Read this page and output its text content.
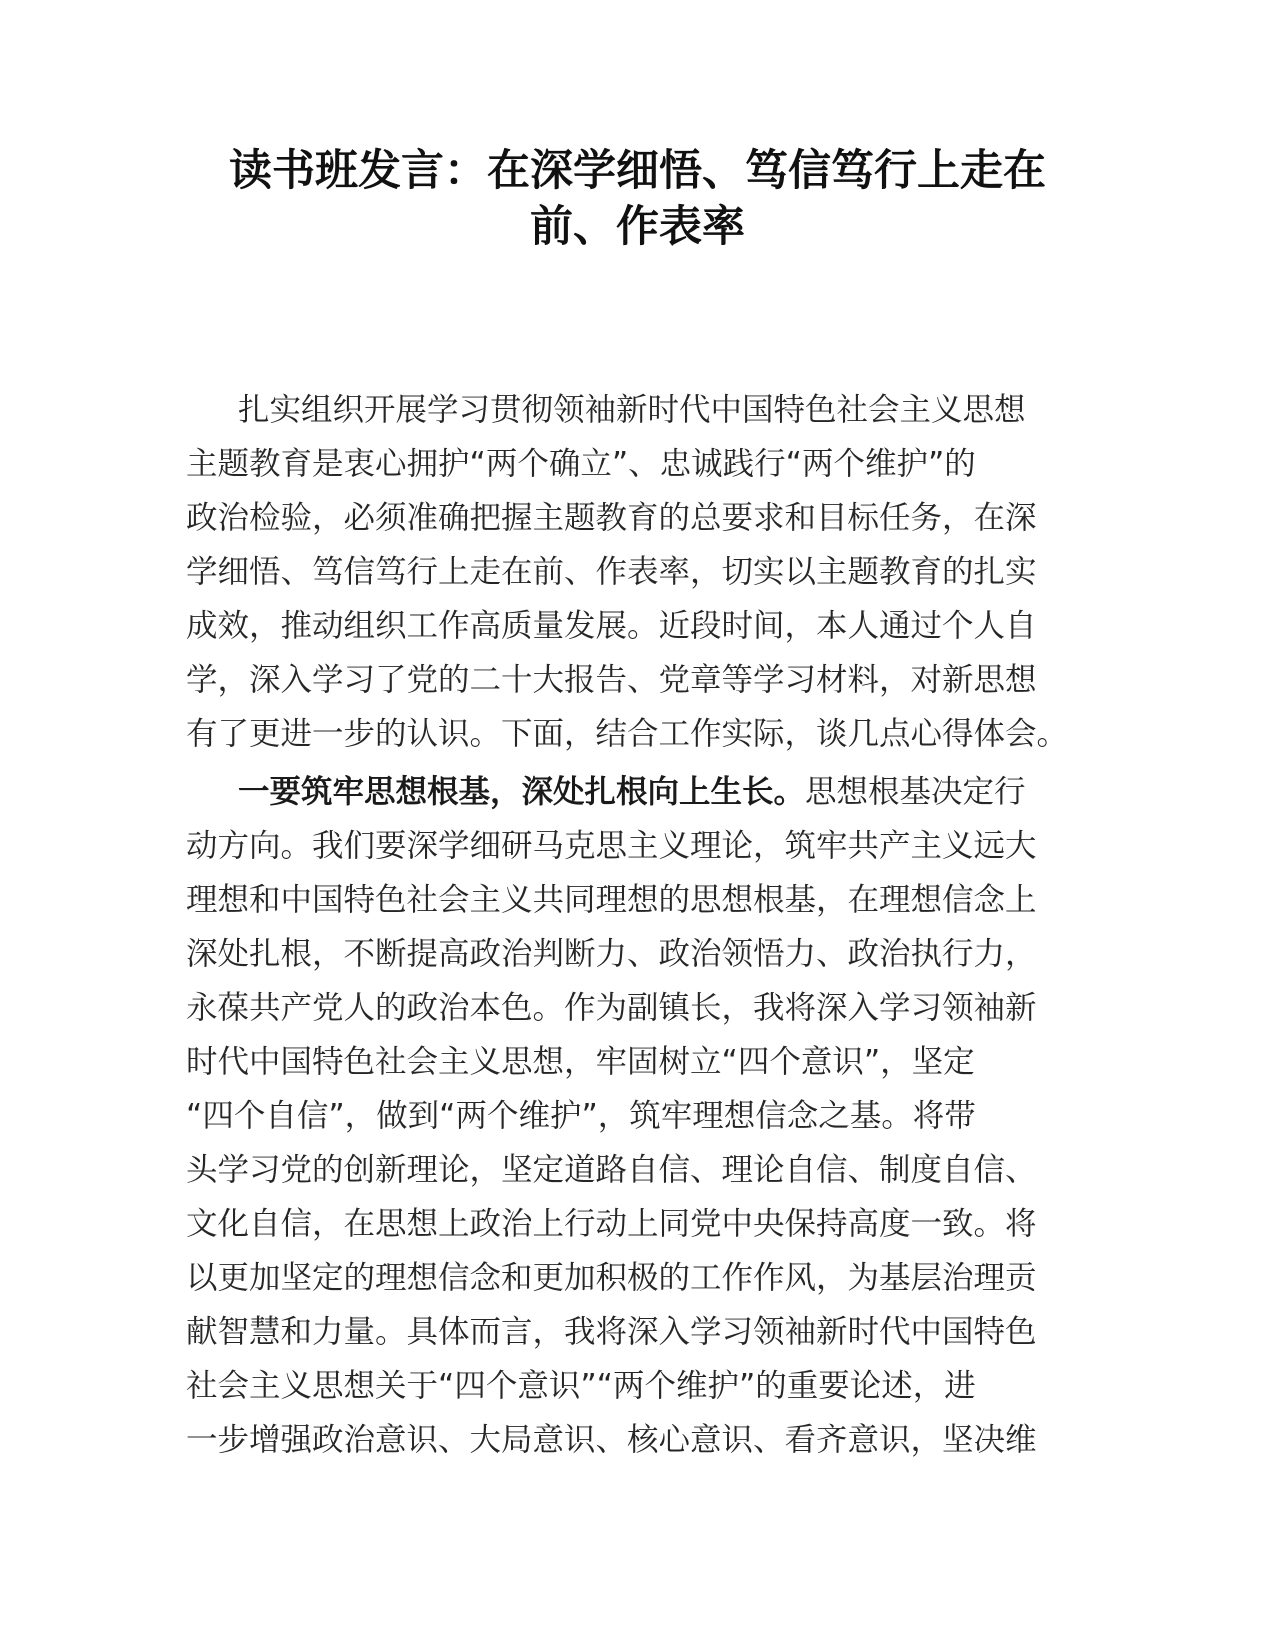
读书班发言：在深学细悟、笃信笃行上走在
前、作表率
扎实组织开展学习贯彻领袖新时代中国特色社会主义思想
主题教育是衷心拥护“两个确立”、忠诚践行“两个维护”的
政治检验，必须准确把握主题教育的总要求和目标任务，在深
学细悟、笃信笃行上走在前、作表率，切实以主题教育的扎实
成效，推动组织工作高质量发展。近段时间，本人通过个人自
学，深入学习了党的二十大报告、党章等学习材料，对新思想
有了更进一步的认识。下面，结合工作实际，谈几点心得体会。
一要筑牢思想根基，深处扎根向上生长。思想根基决定行
动方向。我们要深学细研马克思主义理论，筑牢共产主义远大
理想和中国特色社会主义共同理想的思想根基，在理想信念上
深处扎根，不断提高政治判断力、政治领悟力、政治执行力，
永葆共产党人的政治本色。作为副镇长，我将深入学习领袖新
时代中国特色社会主义思想，牢固树立“四个意识”，坚定
“四个自信”，做到“两个维护”，筑牢理想信念之基。将带
头学习党的创新理论，坚定道路自信、理论自信、制度自信、
文化自信，在思想上政治上行动上同党中央保持高度一致。将
以更加坚定的理想信念和更加积极的工作作风，为基层治理贡
献智慧和力量。具体而言，我将深入学习领袖新时代中国特色
社会主义思想关于“四个意识”“两个维护”的重要论述，进
一步增强政治意识、大局意识、核心意识、看齐意识，坚决维
